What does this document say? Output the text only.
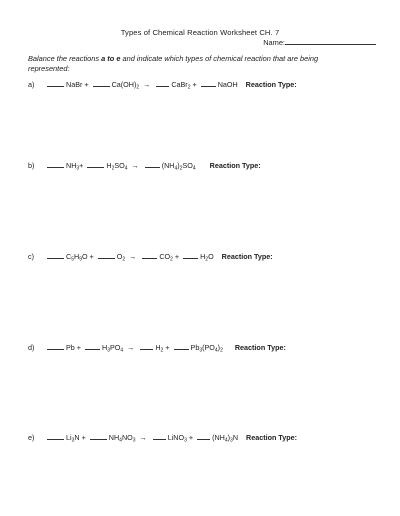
Types of Chemical Reaction Worksheet CH. 7
Name:
Balance the reactions a to e and indicate which types of chemical reaction that are being represented:
a)	NaBr +	$Ca(OH)_2$ →	CaBr$_2$ +	NaOH Reaction Type:
b)	$NH_3+$	$H_2SO_4$ →	$(NH_4)_2SO_4$ Reaction Type:
c)	$C_5H_9O$ +	$O_2$ →	$CO_2$ +	$H_2O$ Reaction Type:
d)	Pb +	$H_3PO_4$ →	$H_2$ +	$Pb_3(PO_4)_2$ Reaction Type:
e)	$Li_3N$ +	$NH_4NO_3$ →	LiNO$_3$ +	$(NH_4)_3N$ Reaction Type:
